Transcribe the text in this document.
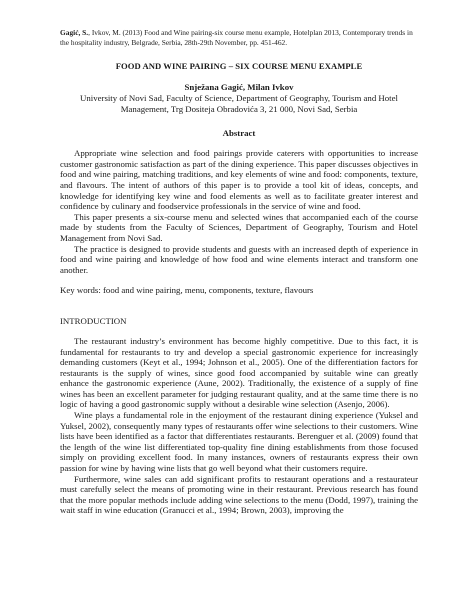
Gagić, S., Ivkov, M. (2013) Food and Wine pairing-six course menu example, Hotelplan 2013, Contemporary trends in the hospitality industry, Belgrade, Serbia, 28th-29th November, pp. 451-462.
FOOD AND WINE PAIRING – SIX COURSE MENU EXAMPLE
Snježana Gagić, Milan Ivkov
University of Novi Sad, Faculty of Science, Department of Geography, Tourism and Hotel Management, Trg Dositeja Obradovića 3, 21 000, Novi Sad, Serbia
Abstract

Appropriate wine selection and food pairings provide caterers with opportunities to increase customer gastronomic satisfaction as part of the dining experience. This paper discusses objectives in food and wine pairing, matching traditions, and key elements of wine and food: components, texture, and flavours. The intent of authors of this paper is to provide a tool kit of ideas, concepts, and knowledge for identifying key wine and food elements as well as to facilitate greater interest and confidence by culinary and foodservice professionals in the service of wine and food.

This paper presents a six-course menu and selected wines that accompanied each of the course made by students from the Faculty of Sciences, Department of Geography, Tourism and Hotel Management from Novi Sad.

The practice is designed to provide students and guests with an increased depth of experience in food and wine pairing and knowledge of how food and wine elements interact and transform one another.

Key words: food and wine pairing, menu, components, texture, flavours
INTRODUCTION

The restaurant industry’s environment has become highly competitive. Due to this fact, it is fundamental for restaurants to try and develop a special gastronomic experience for increasingly demanding customers (Keyt et al., 1994; Johnson et al., 2005). One of the differentiation factors for restaurants is the supply of wines, since good food accompanied by suitable wine can greatly enhance the gastronomic experience (Aune, 2002). Traditionally, the existence of a supply of fine wines has been an excellent parameter for judging restaurant quality, and at the same time there is no logic of having a good gastronomic supply without a desirable wine selection (Asenjo, 2006).

Wine plays a fundamental role in the enjoyment of the restaurant dining experience (Yuksel and Yuksel, 2002), consequently many types of restaurants offer wine selections to their customers. Wine lists have been identified as a factor that differentiates restaurants. Berenguer et al. (2009) found that the length of the wine list differentiated top-quality fine dining establishments from those focused simply on providing excellent food. In many instances, owners of restaurants express their own passion for wine by having wine lists that go well beyond what their customers require.

Furthermore, wine sales can add significant profits to restaurant operations and a restaurateur must carefully select the means of promoting wine in their restaurant. Previous research has found that the more popular methods include adding wine selections to the menu (Dodd, 1997), training the wait staff in wine education (Granucci et al., 1994; Brown, 2003), improving the
